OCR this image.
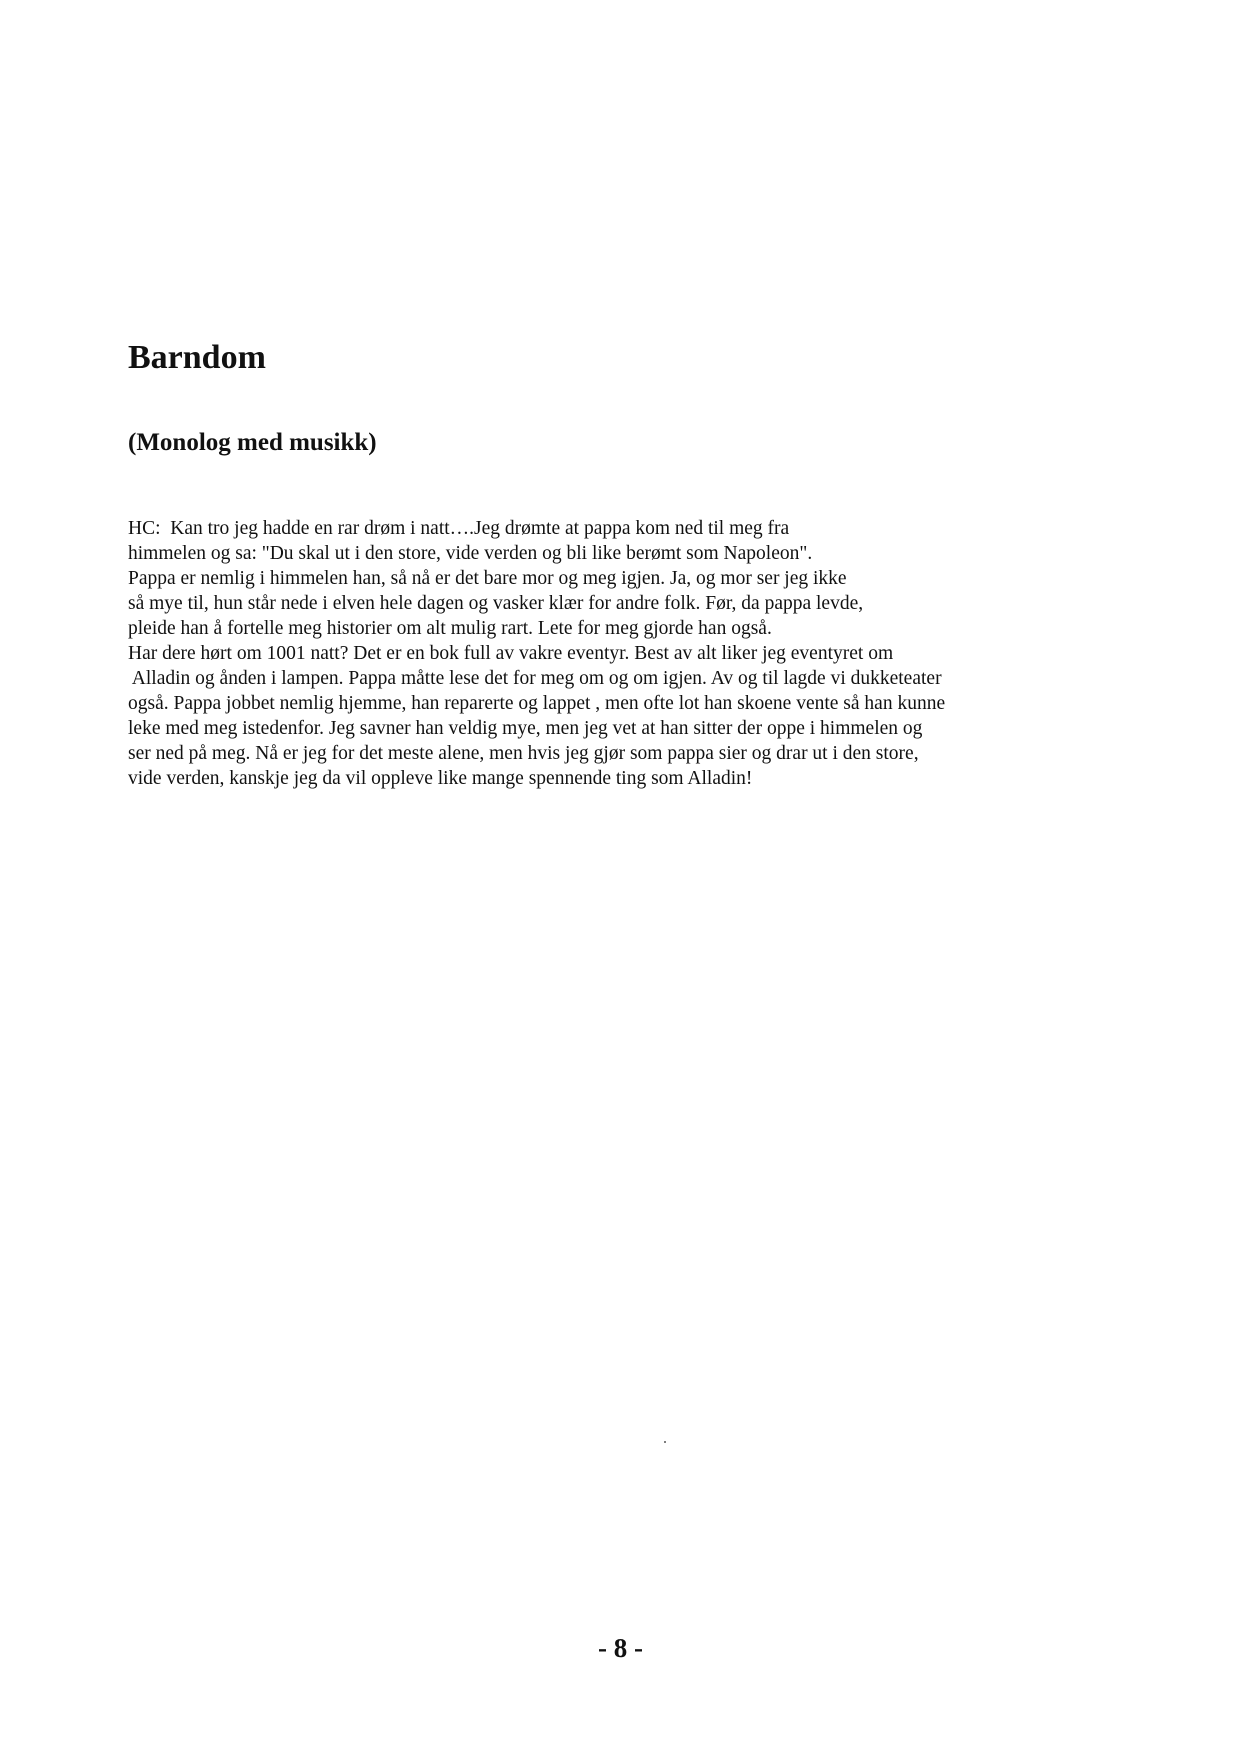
Barndom
(Monolog med musikk)
HC:  Kan tro jeg hadde en rar drøm i natt….Jeg drømte at pappa kom ned til meg fra
himmelen og sa: "Du skal ut i den store, vide verden og bli like berømt som Napoleon".
Pappa er nemlig i himmelen han, så nå er det bare mor og meg igjen. Ja, og mor ser jeg ikke
så mye til, hun står nede i elven hele dagen og vasker klær for andre folk. Før, da pappa levde,
pleide han å fortelle meg historier om alt mulig rart. Lete for meg gjorde han også.
Har dere hørt om 1001 natt? Det er en bok full av vakre eventyr. Best av alt liker jeg eventyret om
Alladin og ånden i lampen. Pappa måtte lese det for meg om og om igjen. Av og til lagde vi dukketeater
også. Pappa jobbet nemlig hjemme, han reparerte og lappet , men ofte lot han skoene vente så han kunne
leke med meg istedenfor. Jeg savner han veldig mye, men jeg vet at han sitter der oppe i himmelen og
ser ned på meg. Nå er jeg for det meste alene, men hvis jeg gjør som pappa sier og drar ut i den store,
vide verden, kanskje jeg da vil oppleve like mange spennende ting som Alladin!
- 8 -
